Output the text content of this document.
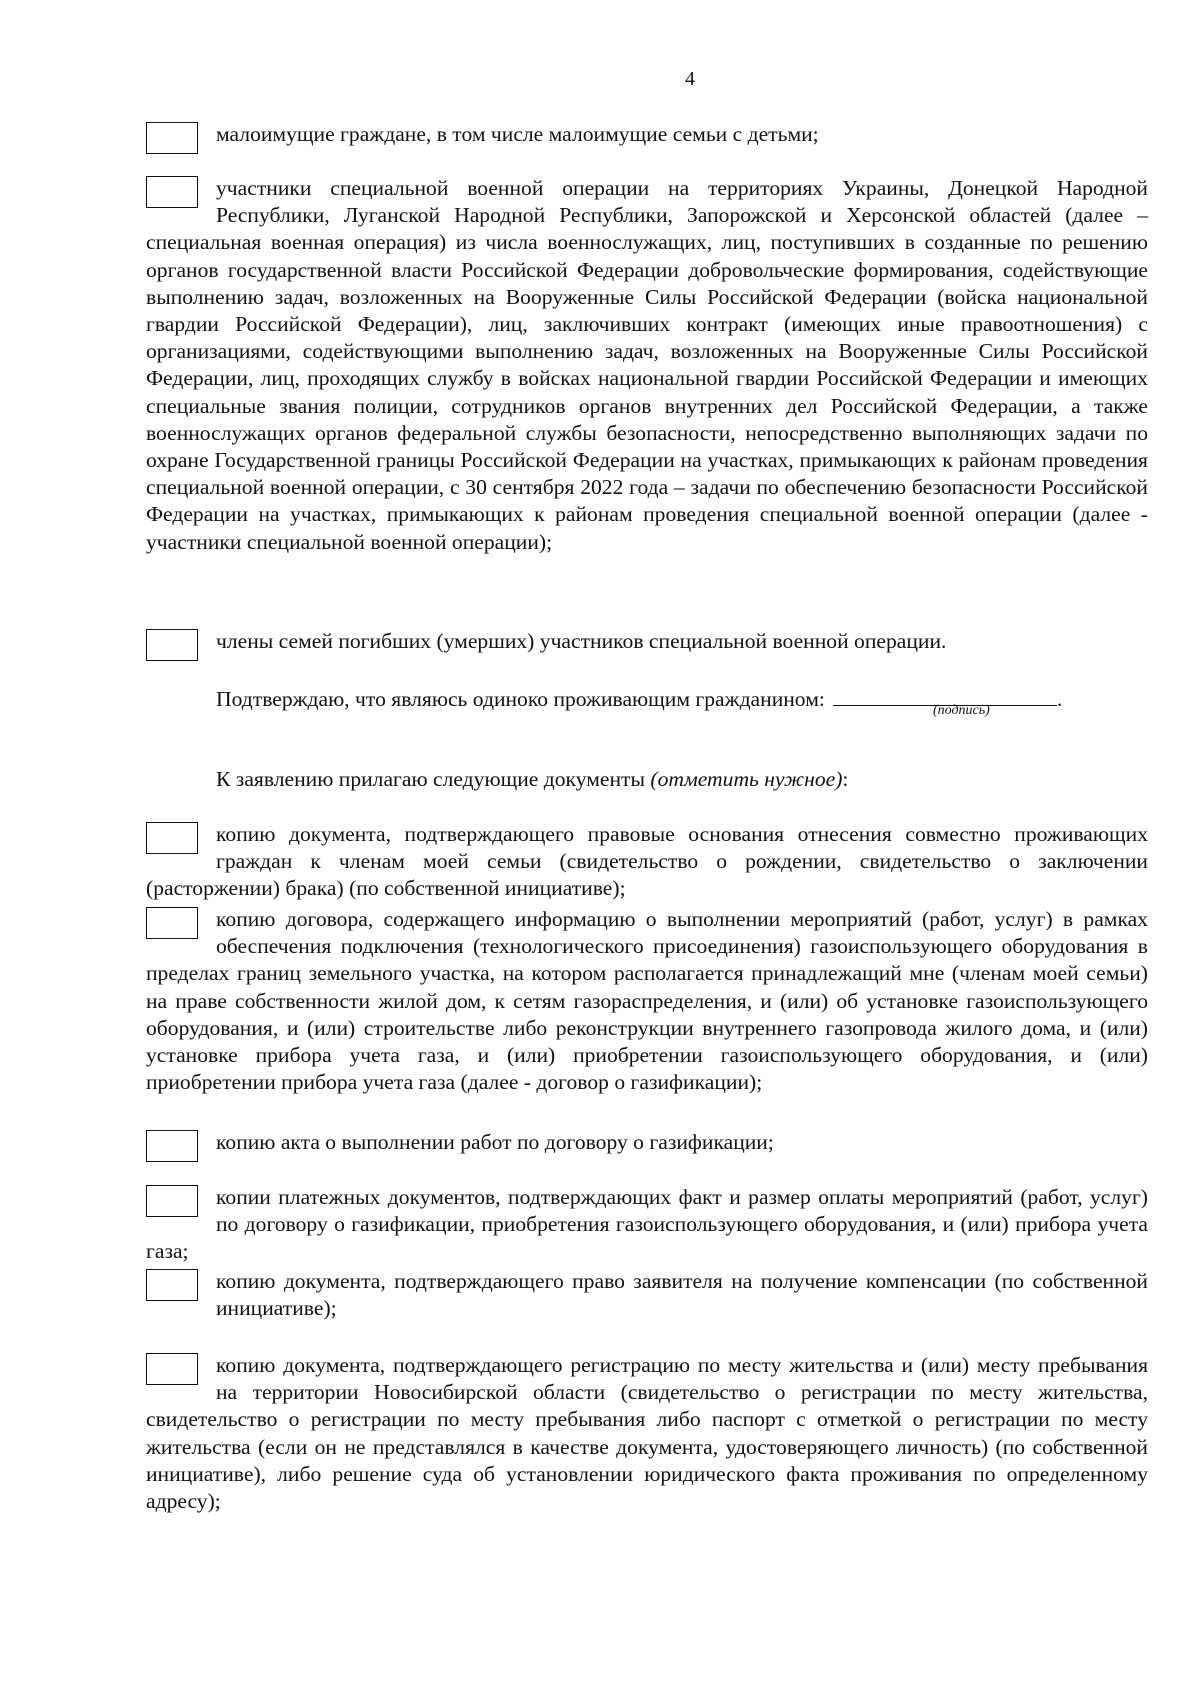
4
малоимущие граждане, в том числе малоимущие семьи с детьми;
участники специальной военной операции на территориях Украины, Донецкой Народной Республики, Луганской Народной Республики, Запорожской и Херсонской областей (далее – специальная военная операция) из числа военнослужащих, лиц, поступивших в созданные по решению органов государственной власти Российской Федерации добровольческие формирования, содействующие выполнению задач, возложенных на Вооруженные Силы Российской Федерации (войска национальной гвардии Российской Федерации), лиц, заключивших контракт (имеющих иные правоотношения) с организациями, содействующими выполнению задач, возложенных на Вооруженные Силы Российской Федерации, лиц, проходящих службу в войсках национальной гвардии Российской Федерации и имеющих специальные звания полиции, сотрудников органов внутренних дел Российской Федерации, а также военнослужащих органов федеральной службы безопасности, непосредственно выполняющих задачи по охране Государственной границы Российской Федерации на участках, примыкающих к районам проведения специальной военной операции, с 30 сентября 2022 года – задачи по обеспечению безопасности Российской Федерации на участках, примыкающих к районам проведения специальной военной операции (далее - участники специальной военной операции);
члены семей погибших (умерших) участников специальной военной операции.
Подтверждаю, что являюсь одиноко проживающим гражданином:	.
(подпись)
К заявлению прилагаю следующие документы (отметить нужное):
копию документа, подтверждающего правовые основания отнесения совместно проживающих граждан к членам моей семьи (свидетельство о рождении, свидетельство о заключении (расторжении) брака) (по собственной инициативе);
копию договора, содержащего информацию о выполнении мероприятий (работ, услуг) в рамках обеспечения подключения (технологического присоединения) газоиспользующего оборудования в пределах границ земельного участка, на котором располагается принадлежащий мне (членам моей семьи) на праве собственности жилой дом, к сетям газораспределения, и (или) об установке газоиспользующего оборудования, и (или) строительстве либо реконструкции внутреннего газопровода жилого дома, и (или) установке прибора учета газа, и (или) приобретении газоиспользующего оборудования, и (или) приобретении прибора учета газа (далее - договор о газификации);
копию акта о выполнении работ по договору о газификации;
копии платежных документов, подтверждающих факт и размер оплаты мероприятий (работ, услуг) по договору о газификации, приобретения газоиспользующего оборудования, и (или) прибора учета газа;
копию документа, подтверждающего право заявителя на получение компенсации (по собственной инициативе);
копию документа, подтверждающего регистрацию по месту жительства и (или) месту пребывания на территории Новосибирской области (свидетельство о регистрации по месту жительства, свидетельство о регистрации по месту пребывания либо паспорт с отметкой о регистрации по месту жительства (если он не представлялся в качестве документа, удостоверяющего личность) (по собственной инициативе), либо решение суда об установлении юридического факта проживания по определенному адресу);
